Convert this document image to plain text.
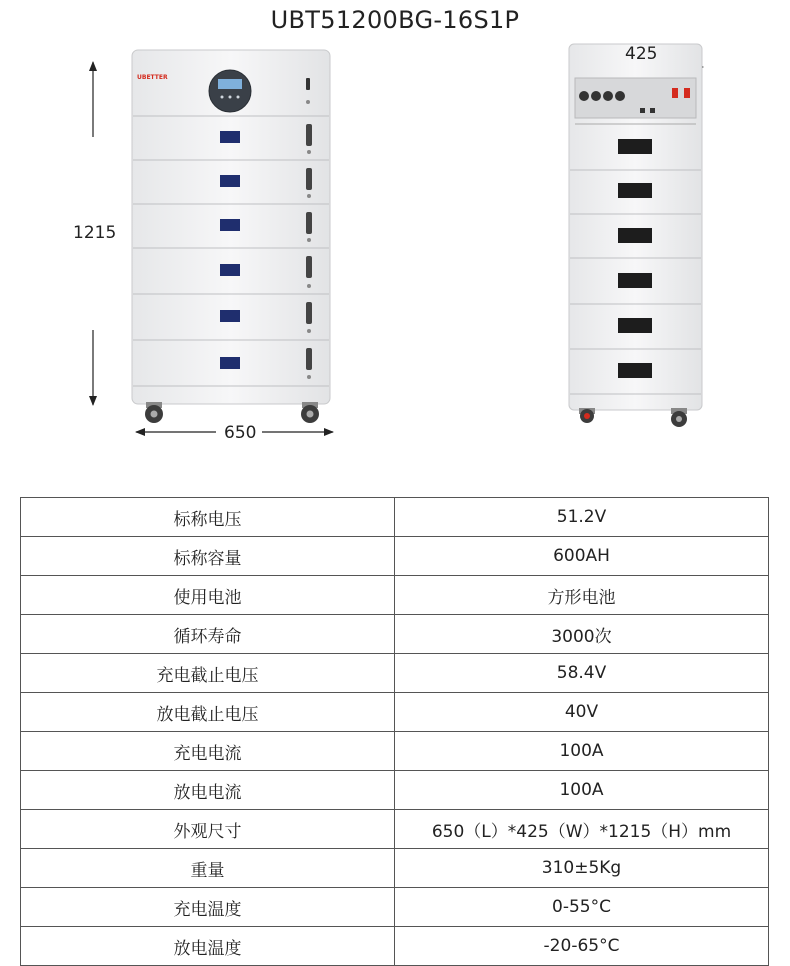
UBT51200BG-16S1P
UBETTER
1215
650
425
标称电压	51.2V
标称容量	600AH
使用电池	方形电池
循环寿命	3000次
充电截止电压	58.4V
放电截止电压	40V
充电电流	100A
放电电流	100A
外观尺寸	650（L）*425（W）*1215（H）mm
重量	310±5Kg
充电温度	0-55°C
放电温度	-20-65°C
